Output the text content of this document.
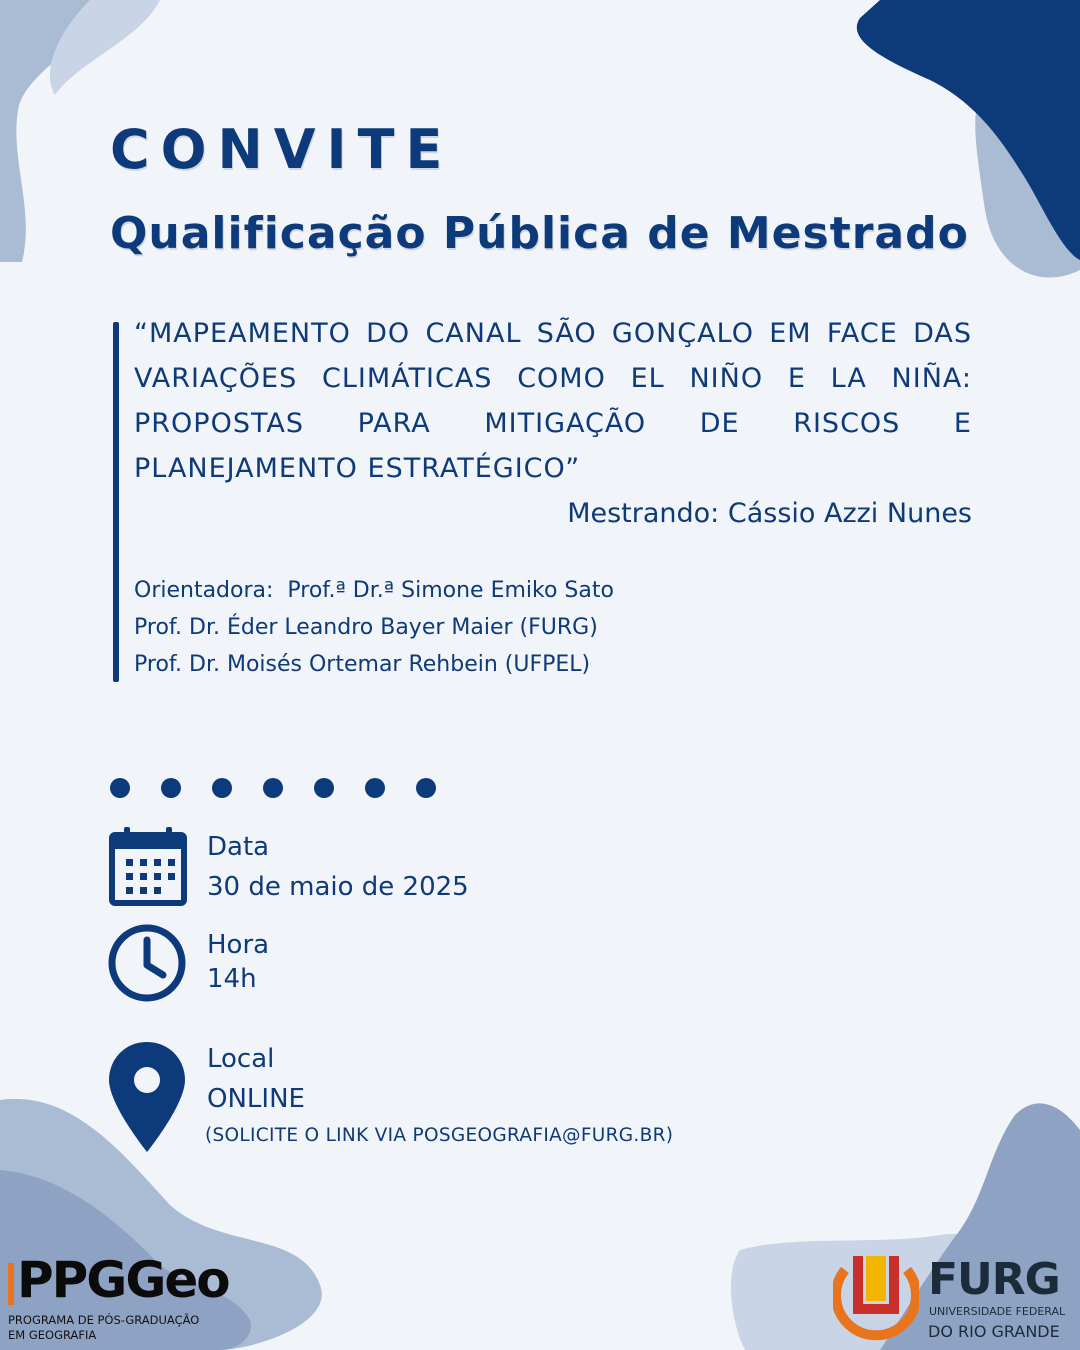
CONVITE
Qualificação Pública de Mestrado

“MAPEAMENTO DO CANAL SÃO GONÇALO EM FACE DAS

VARIAÇÕES CLIMÁTICAS COMO EL NIÑO E LA NIÑA:

PROPOSTAS PARA MITIGAÇÃO DE RISCOS E

PLANEJAMENTO ESTRATÉGICO”

Mestrando: Cássio Azzi Nunes

Orientadora:  Prof.ª Dr.ª Simone Emiko Sato

Prof. Dr. Éder Leandro Bayer Maier (FURG)

Prof. Dr. Moisés Ortemar Rehbein (UFPEL)

Data

30 de maio de 2025

Hora

14h

Local

ONLINE

(SOLICITE O LINK VIA POSGEOGRAFIA@FURG.BR)

PPGGeo

PROGRAMA DE PÓS-GRADUAÇÃO

EM GEOGRAFIA

FURG

UNIVERSIDADE FEDERAL

DO RIO GRANDE
